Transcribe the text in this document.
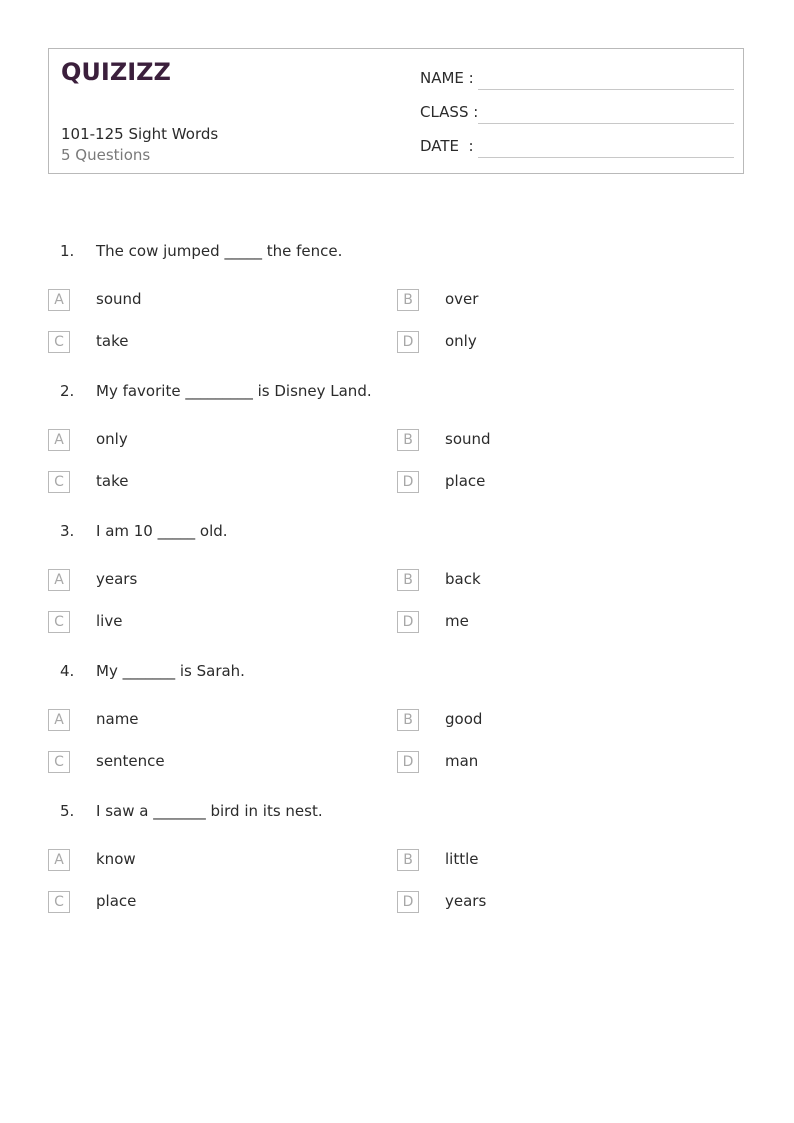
QUIZIZZ
101-125 Sight Words
5 Questions
NAME :
CLASS :
DATE  :
1. The cow jumped _____ the fence.
A	sound	B	over
C	take	D	only
2. My favorite _________ is Disney Land.
A	only	B	sound
C	take	D	place
3. I am 10 _____ old.
A	years	B	back
C	live	D	me
4. My _______ is Sarah.
A	name	B	good
C	sentence	D	man
5. I saw a _______ bird in its nest.
A	know	B	little
C	place	D	years
